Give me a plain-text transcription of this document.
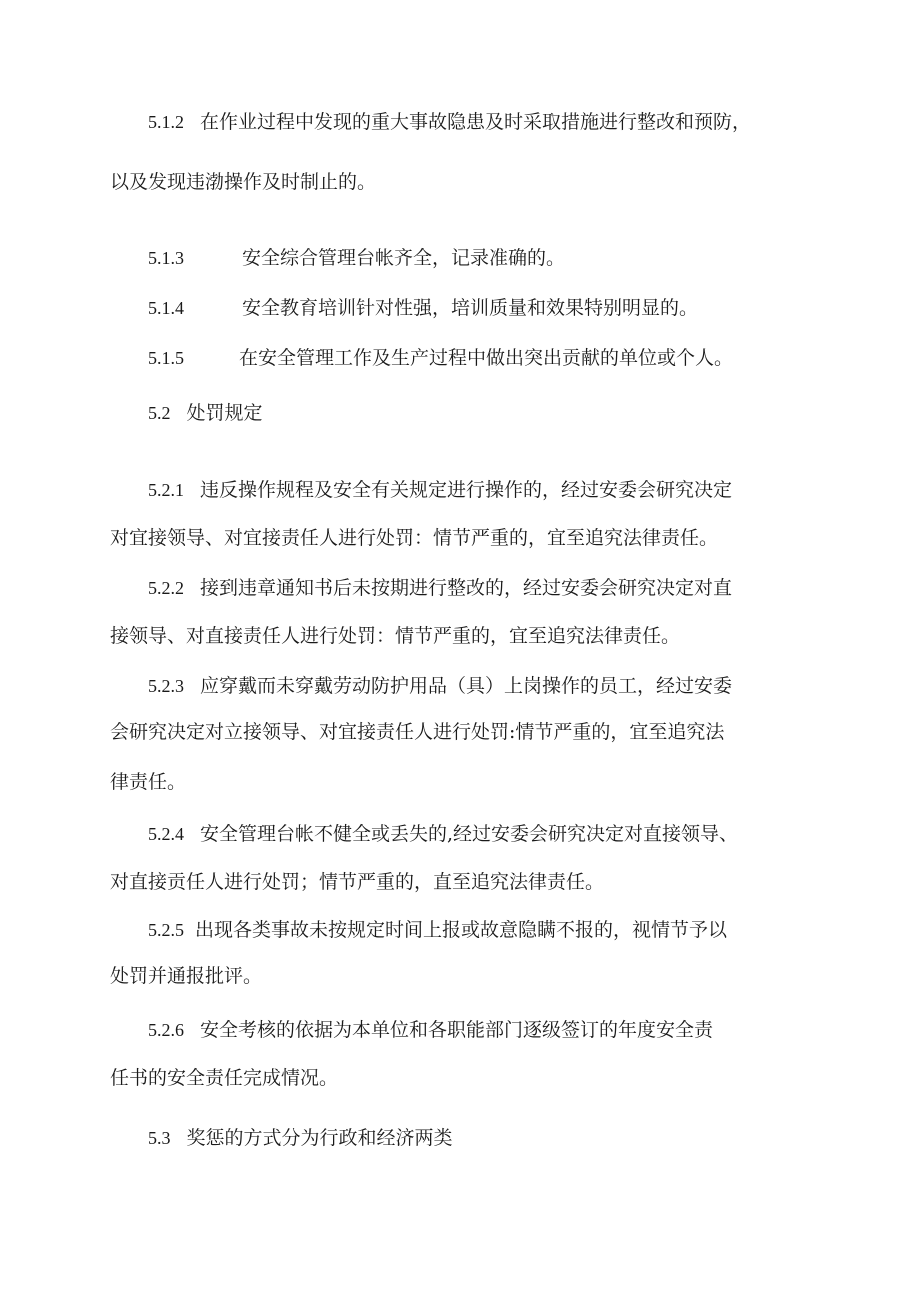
5.1.2 在作业过程中发现的重大事故隐患及时采取措施进行整改和预防，

以及发现违渤操作及时制止的。

5.1.3	安全综合管理台帐齐全，记录准确的。

5.1.4	安全教育培训针对性强，培训质量和效果特别明显的。

5.1.5	在安全管理工作及生产过程中做出突出贡献的单位或个人。

5.2 处罚规定

5.2.1 违反操作规程及安全有关规定进行操作的，经过安委会研究决定

对宜接领导、对宜接责任人进行处罚：情节严重的，宜至追究法律责任。

5.2.2 接到违章通知书后未按期进行整改的，经过安委会研究决定对直

接领导、对直接责任人进行处罚：情节严重的，宜至追究法律责任。

5.2.3 应穿戴而未穿戴劳动防护用品（具）上岗操作的员工，经过安委

会研究决定对立接领导、对宜接责任人进行处罚:情节严重的，宜至追究法

律责任。

5.2.4 安全管理台帐不健全或丢失的,经过安委会研究决定对直接领导、

对直接贡任人进行处罚；情节严重的，直至追究法律责任。

5.2.5 出现各类事故未按规定时间上报或故意隐瞒不报的，视情节予以

处罚并通报批评。

5.2.6 安全考核的依据为本单位和各职能部门逐级签订的年度安全责

任书的安全责任完成情况。

5.3 奖惩的方式分为行政和经济两类
